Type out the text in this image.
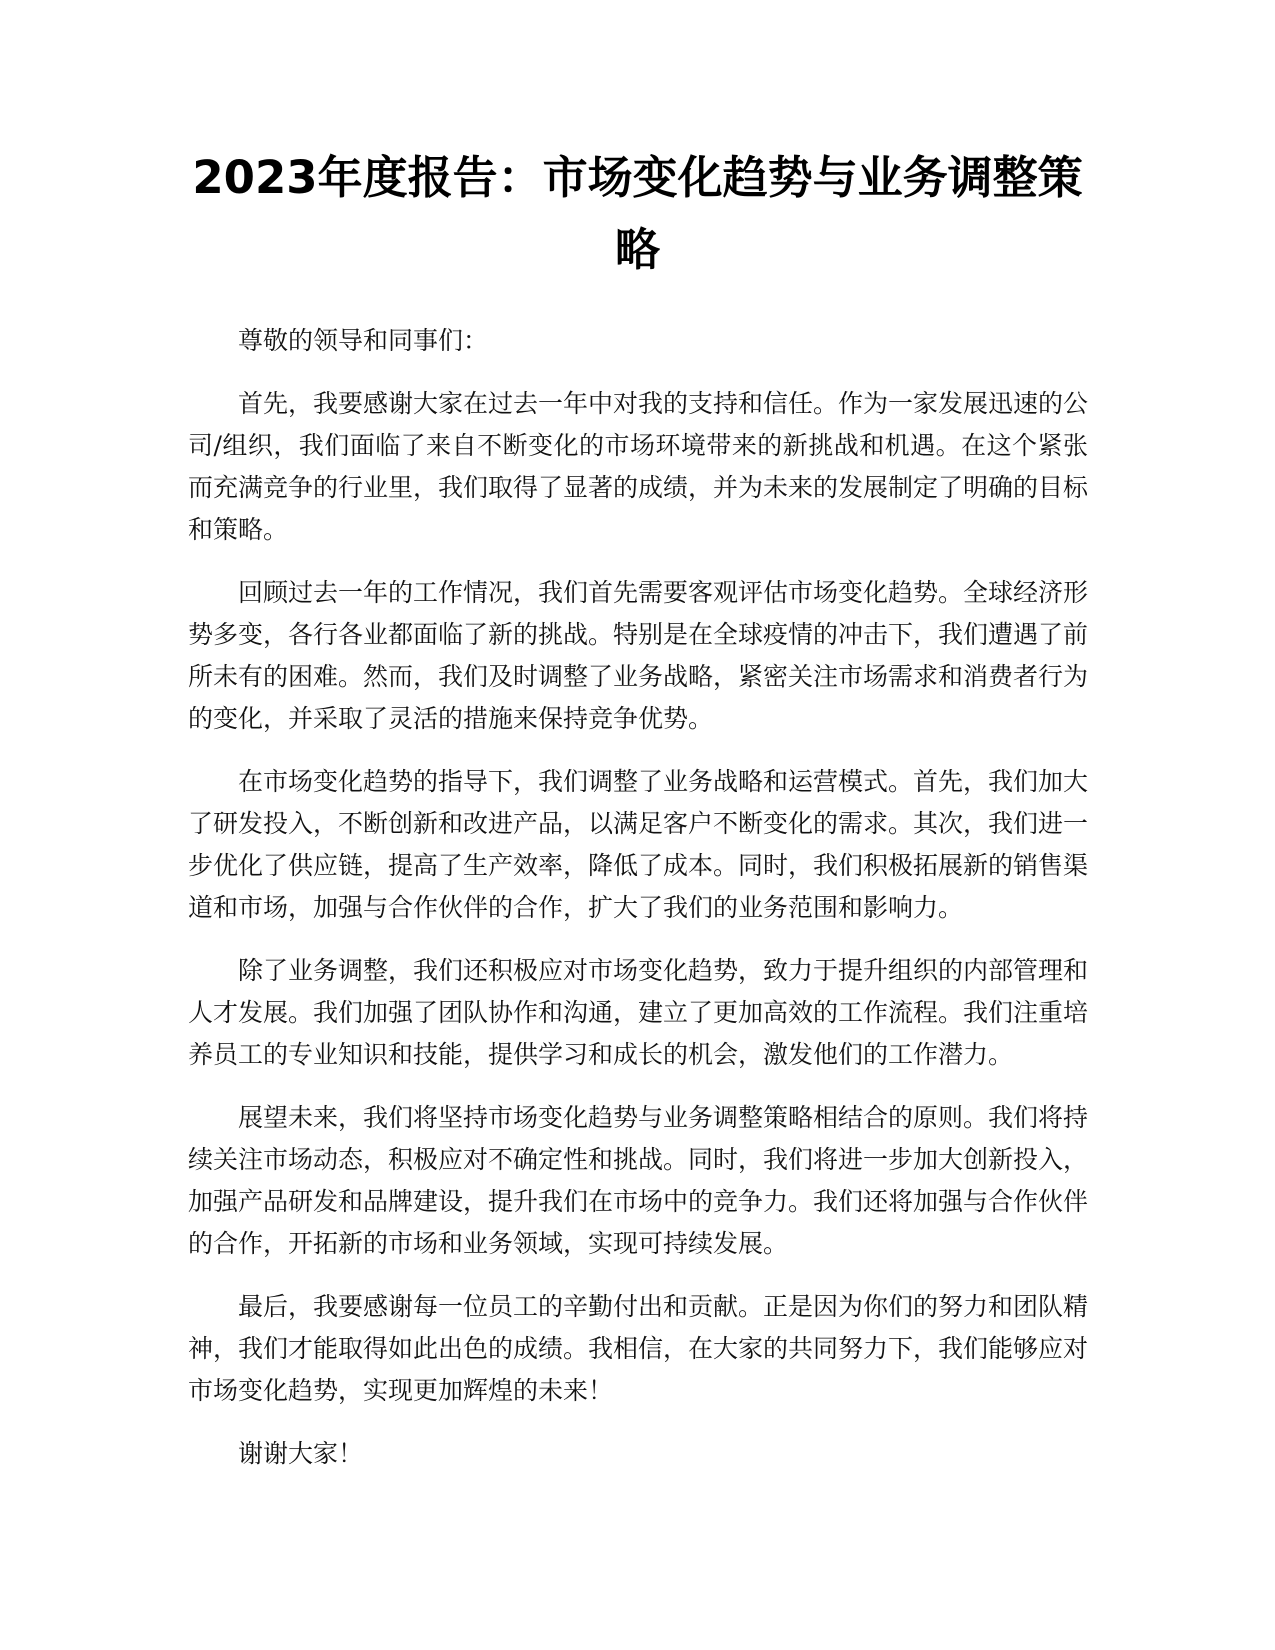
2023年度报告：市场变化趋势与业务调整策略

尊敬的领导和同事们：

首先，我要感谢大家在过去一年中对我的支持和信任。作为一家发展迅速的公司/组织，我们面临了来自不断变化的市场环境带来的新挑战和机遇。在这个紧张而充满竞争的行业里，我们取得了显著的成绩，并为未来的发展制定了明确的目标和策略。

回顾过去一年的工作情况，我们首先需要客观评估市场变化趋势。全球经济形势多变，各行各业都面临了新的挑战。特别是在全球疫情的冲击下，我们遭遇了前所未有的困难。然而，我们及时调整了业务战略，紧密关注市场需求和消费者行为的变化，并采取了灵活的措施来保持竞争优势。

在市场变化趋势的指导下，我们调整了业务战略和运营模式。首先，我们加大了研发投入，不断创新和改进产品，以满足客户不断变化的需求。其次，我们进一步优化了供应链，提高了生产效率，降低了成本。同时，我们积极拓展新的销售渠道和市场，加强与合作伙伴的合作，扩大了我们的业务范围和影响力。

除了业务调整，我们还积极应对市场变化趋势，致力于提升组织的内部管理和人才发展。我们加强了团队协作和沟通，建立了更加高效的工作流程。我们注重培养员工的专业知识和技能，提供学习和成长的机会，激发他们的工作潜力。

展望未来，我们将坚持市场变化趋势与业务调整策略相结合的原则。我们将持续关注市场动态，积极应对不确定性和挑战。同时，我们将进一步加大创新投入，加强产品研发和品牌建设，提升我们在市场中的竞争力。我们还将加强与合作伙伴的合作，开拓新的市场和业务领域，实现可持续发展。

最后，我要感谢每一位员工的辛勤付出和贡献。正是因为你们的努力和团队精神，我们才能取得如此出色的成绩。我相信，在大家的共同努力下，我们能够应对市场变化趋势，实现更加辉煌的未来！

谢谢大家！
